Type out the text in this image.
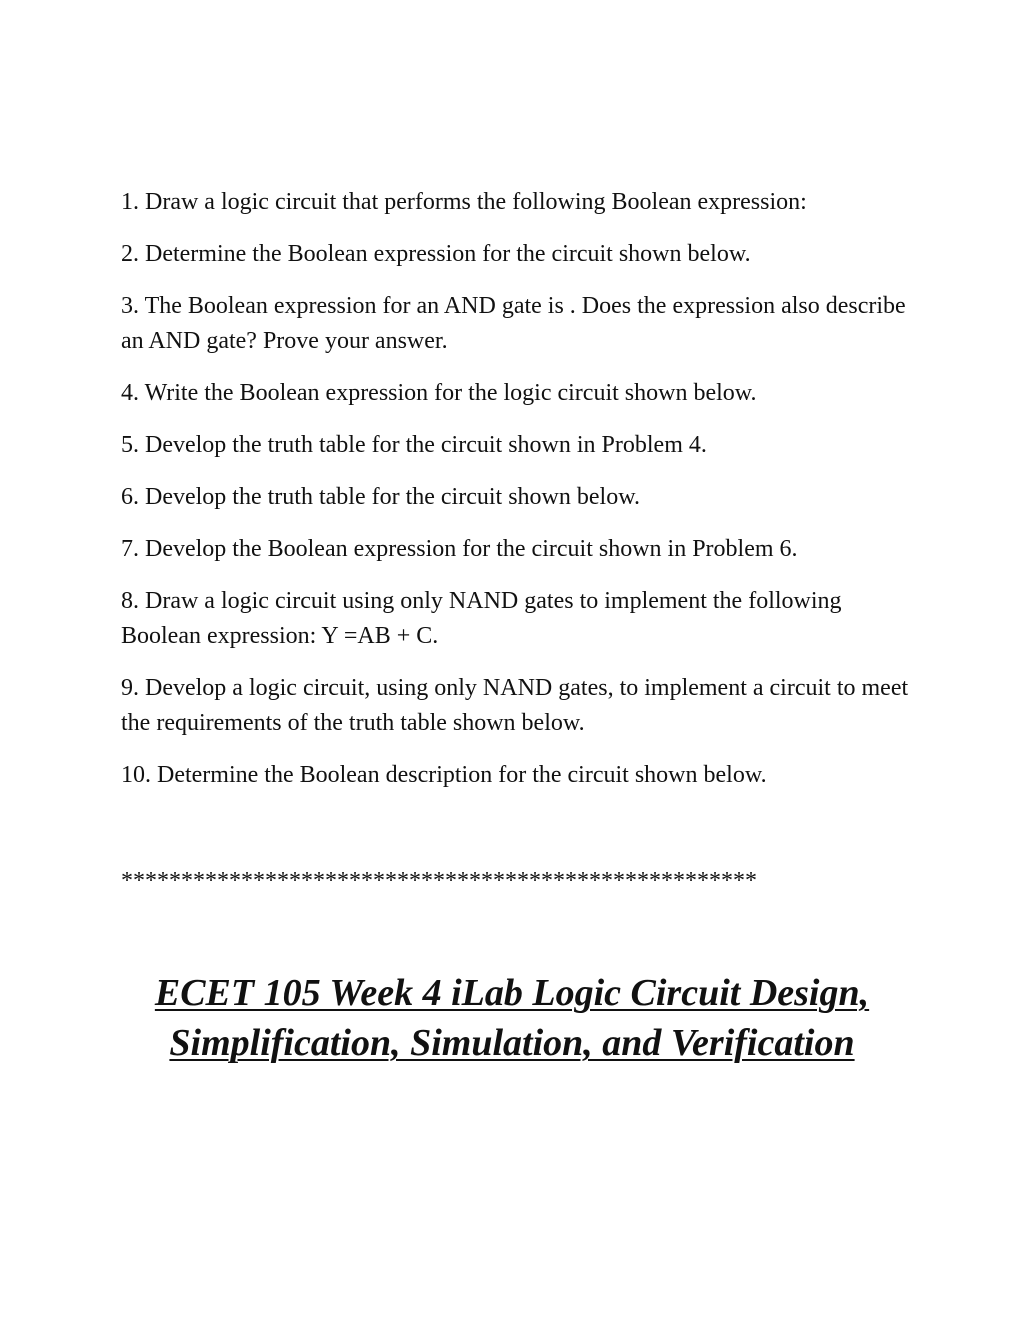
1. Draw a logic circuit that performs the following Boolean expression:
2. Determine the Boolean expression for the circuit shown below.
3. The Boolean expression for an AND gate is . Does the expression also describe an AND gate? Prove your answer.
4. Write the Boolean expression for the logic circuit shown below.
5. Develop the truth table for the circuit shown in Problem 4.
6. Develop the truth table for the circuit shown below.
7. Develop the Boolean expression for the circuit shown in Problem 6.
8. Draw a logic circuit using only NAND gates to implement the following Boolean expression: Y =AB + C.
9. Develop a logic circuit, using only NAND gates, to implement a circuit to meet the requirements of the truth table shown below.
10. Determine the Boolean description for the circuit shown below.
*****************************************************
ECET 105 Week 4 iLab Logic Circuit Design,
Simplification, Simulation, and Verification
